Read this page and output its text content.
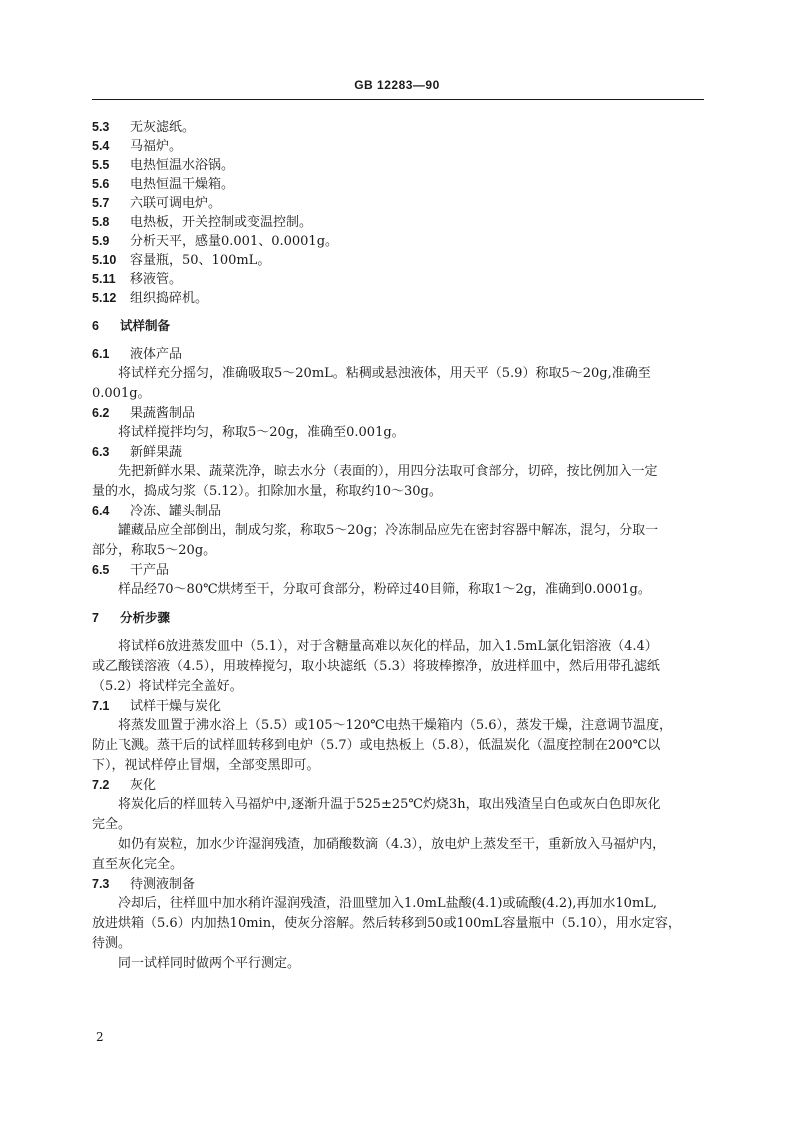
GB 12283—90
5.3 无灰滤纸。
5.4 马福炉。
5.5 电热恒温水浴锅。
5.6 电热恒温干燥箱。
5.7 六联可调电炉。
5.8 电热板，开关控制或变温控制。
5.9 分析天平，感量0.001、0.0001g。
5.10 容量瓶，50、100mL。
5.11 移液管。
5.12 组织捣碎机。
6 试样制备
6.1 液体产品

将试样充分摇匀，准确吸取5～20mL。粘稠或悬浊液体，用天平（5.9）称取5～20g,准确至

0.001g。

6.2 果蔬酱制品

将试样搅拌均匀，称取5～20g，准确至0.001g。

6.3 新鲜果蔬

先把新鲜水果、蔬菜洗净，晾去水分（表面的），用四分法取可食部分，切碎，按比例加入一定

量的水，捣成匀浆（5.12）。扣除加水量，称取约10～30g。

6.4 冷冻、罐头制品

罐藏品应全部倒出，制成匀浆，称取5～20g；冷冻制品应先在密封容器中解冻，混匀，分取一

部分，称取5～20g。

6.5 干产品

样品经70～80℃烘烤至干，分取可食部分，粉碎过40目筛，称取1～2g，准确到0.0001g。

7 分析步骤

将试样6放进蒸发皿中（5.1），对于含糖量高难以灰化的样品，加入1.5mL氯化铝溶液（4.4）

或乙酸镁溶液（4.5），用玻棒搅匀，取小块滤纸（5.3）将玻棒擦净，放进样皿中，然后用带孔滤纸

（5.2）将试样完全盖好。

7.1 试样干燥与炭化

将蒸发皿置于沸水浴上（5.5）或105～120℃电热干燥箱内（5.6），蒸发干燥，注意调节温度，

防止飞溅。蒸干后的试样皿转移到电炉（5.7）或电热板上（5.8），低温炭化（温度控制在200℃以

下），视试样停止冒烟，全部变黑即可。

7.2 灰化

将炭化后的样皿转入马福炉中,逐渐升温于525±25℃灼烧3h，取出残渣呈白色或灰白色即灰化

完全。

如仍有炭粒，加水少许湿润残渣，加硝酸数滴（4.3），放电炉上蒸发至干，重新放入马福炉内，

直至灰化完全。

7.3 待测液制备

冷却后，往样皿中加水稍许湿润残渣，沿皿壁加入1.0mL盐酸(4.1)或硫酸(4.2),再加水10mL,

放进烘箱（5.6）内加热10min，使灰分溶解。然后转移到50或100mL容量瓶中（5.10），用水定容，

待测。

同一试样同时做两个平行测定。

2
